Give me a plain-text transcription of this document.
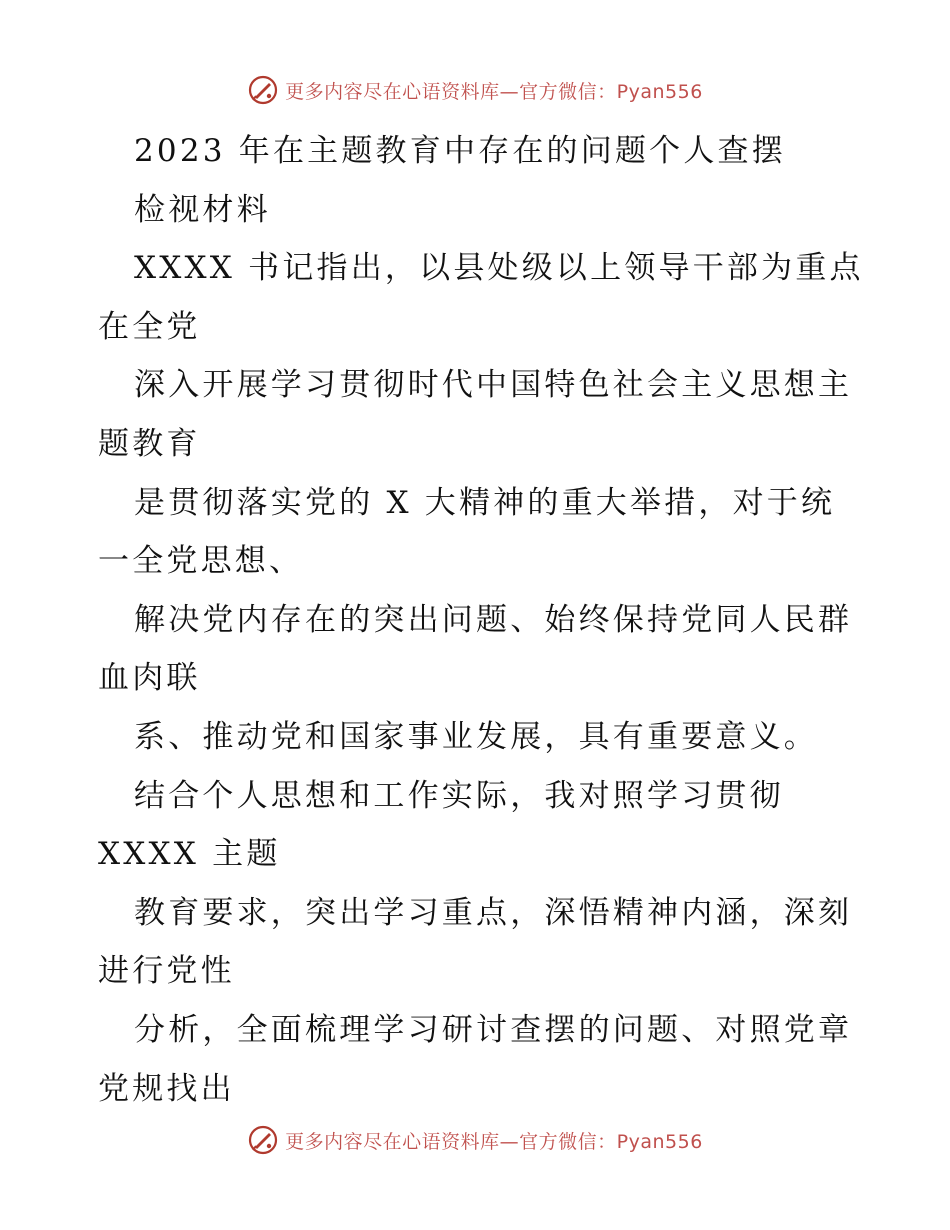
更多内容尽在心语资料库—官方微信：Pyan556
2023 年在主题教育中存在的问题个人查摆
检视材料
XXXX 书记指出，以县处级以上领导干部为重点
在全党
深入开展学习贯彻时代中国特色社会主义思想主
题教育
是贯彻落实党的 X 大精神的重大举措，对于统
一全党思想、
解决党内存在的突出问题、始终保持党同人民群
血肉联
系、推动党和国家事业发展，具有重要意义。
结合个人思想和工作实际，我对照学习贯彻
XXXX 主题
教育要求，突出学习重点，深悟精神内涵，深刻
进行党性
分析，全面梳理学习研讨查摆的问题、对照党章
党规找出
更多内容尽在心语资料库—官方微信：Pyan556
